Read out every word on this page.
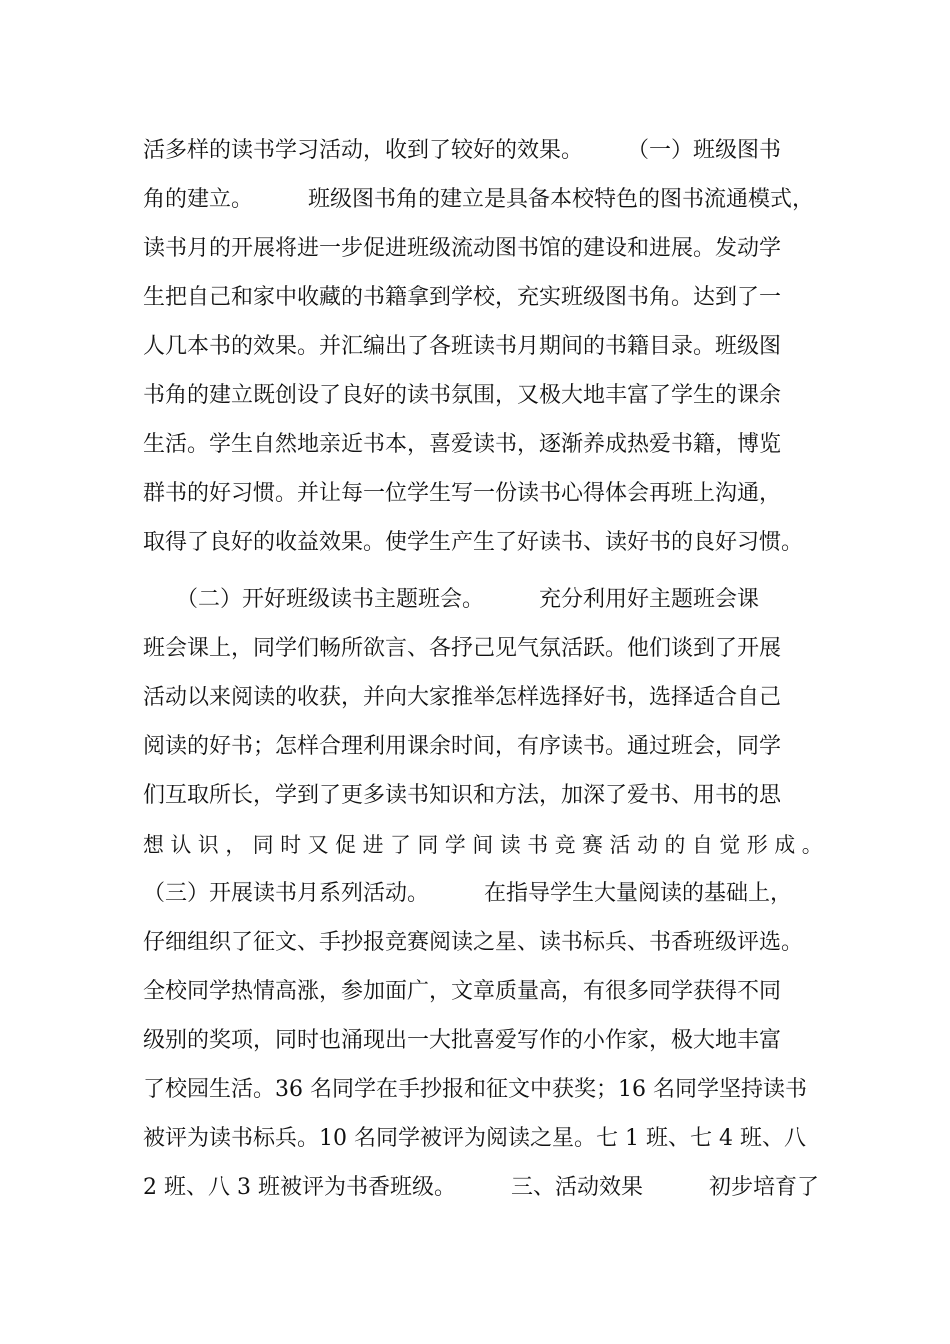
活多样的读书学习活动，收到了较好的效果。　　　（一）班级图书
角的建立。　　　班级图书角的建立是具备本校特色的图书流通模式，
读书月的开展将进一步促进班级流动图书馆的建设和进展。发动学
生把自己和家中收藏的书籍拿到学校，充实班级图书角。达到了一
人几本书的效果。并汇编出了各班读书月期间的书籍目录。班级图
书角的建立既创设了良好的读书氛围，又极大地丰富了学生的课余
生活。学生自然地亲近书本，喜爱读书，逐渐养成热爱书籍，博览
群书的好习惯。并让每一位学生写一份读书心得体会再班上沟通，
取得了良好的收益效果。使学生产生了好读书、读好书的良好习惯。
　　（二）开好班级读书主题班会。　　　充分利用好主题班会课
班会课上，同学们畅所欲言、各抒己见气氛活跃。他们谈到了开展
活动以来阅读的收获，并向大家推举怎样选择好书，选择适合自己
阅读的好书；怎样合理利用课余时间，有序读书。通过班会，同学
们互取所长，学到了更多读书知识和方法，加深了爱书、用书的思
想 认 识 ， 同 时 又 促 进 了 同 学 间 读 书 竞 赛 活 动 的 自 觉 形 成 。
（三）开展读书月系列活动。　　　在指导学生大量阅读的基础上，
仔细组织了征文、手抄报竞赛阅读之星、读书标兵、书香班级评选。
全校同学热情高涨，参加面广，文章质量高，有很多同学获得不同
级别的奖项，同时也涌现出一大批喜爱写作的小作家，极大地丰富
了校园生活。36 名同学在手抄报和征文中获奖；16 名同学坚持读书
被评为读书标兵。10 名同学被评为阅读之星。七 1 班、七 4 班、八
2 班、八 3 班被评为书香班级。　　　三、活动效果　　　初步培育了
